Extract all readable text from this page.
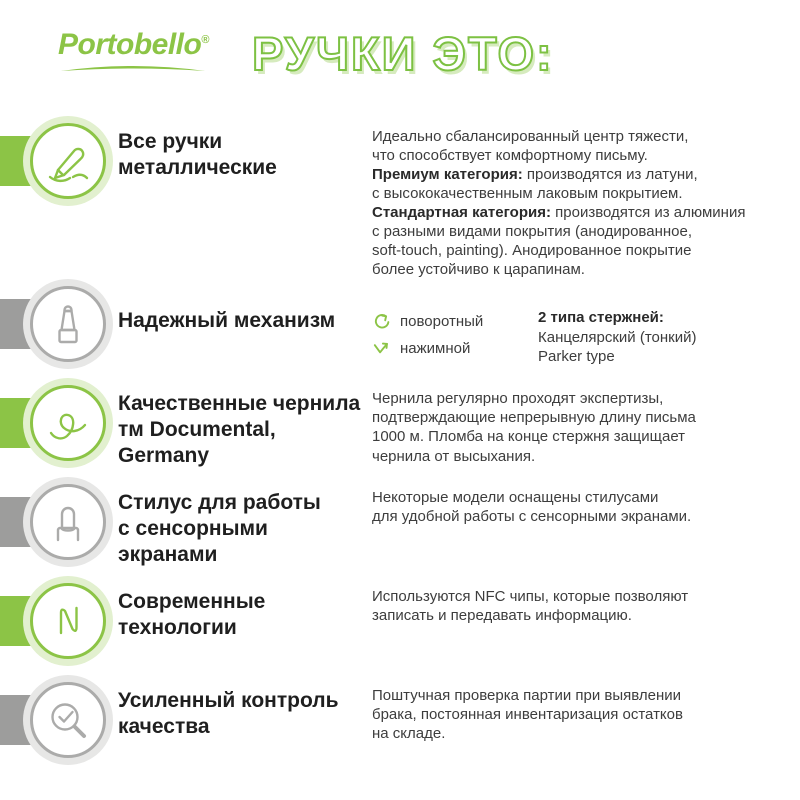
Portobello® РУЧКИ ЭТО:
Все ручки
металлические

Идеально сбалансированный центр тяжести,
что способствует комфортному письму.

Премиум категория: производятся из латуни,
с высококачественным лаковым покрытием.

Стандартная категория: производятся из алюминия
с разными видами покрытия (анодированное,
soft-touch, painting). Анодированное покрытие
более устойчиво к царапинам.

Надежный механизм	поворотный
нажимной
2 типа стержней:
Канцелярский (тонкий)
Parker type
Качественные чернила
тм Documental, Germany

Чернила регулярно проходят экспертизы,
подтверждающие непрерывную длину письма
1000 м. Пломба на конце стержня защищает
чернила от высыхания.

Стилус для работы
с сенсорными экранами

Некоторые модели оснащены стилусами
для удобной работы с сенсорными экранами.

Современные
технологии

Используются NFC чипы, которые позволяют
записать и передавать информацию.

Усиленный контроль
качества

Поштучная проверка партии при выявлении
брака, постоянная инвентаризация остатков
на складе.
